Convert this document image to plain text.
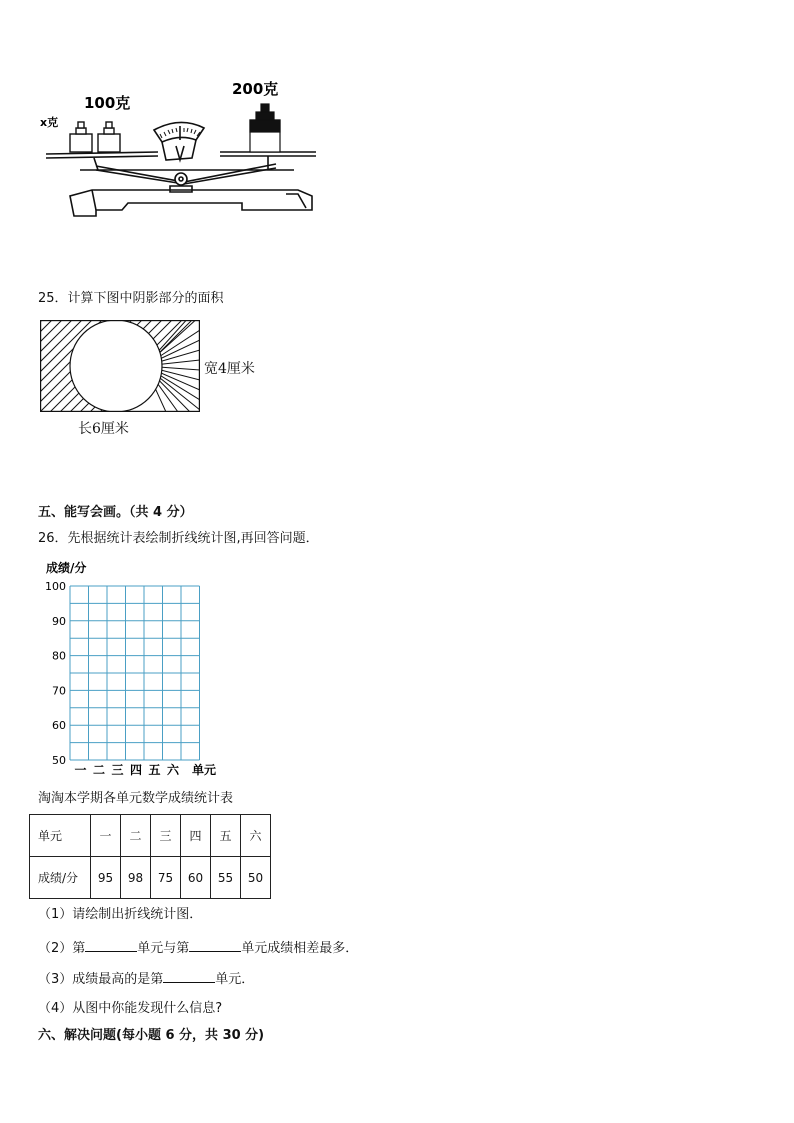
x克
100克
200克
25．计算下图中阴影部分的面积
宽4厘米
长6厘米
五、能写会画。（共 4 分）
26．先根据统计表绘制折线统计图,再回答问题．
成绩/分
100
90
80
70
60
50
一 二 三 四 五 六 单元
淘淘本学期各单元数学成绩统计表
单元	一	二	三	四	五	六
成绩/分	95	98	75	60	55	50
（1）请绘制出折线统计图．
（2）第	单元与第	单元成绩相差最多．
（3）成绩最高的是第	单元．
（4）从图中你能发现什么信息?
六、解决问题(每小题 6 分，共 30 分)
